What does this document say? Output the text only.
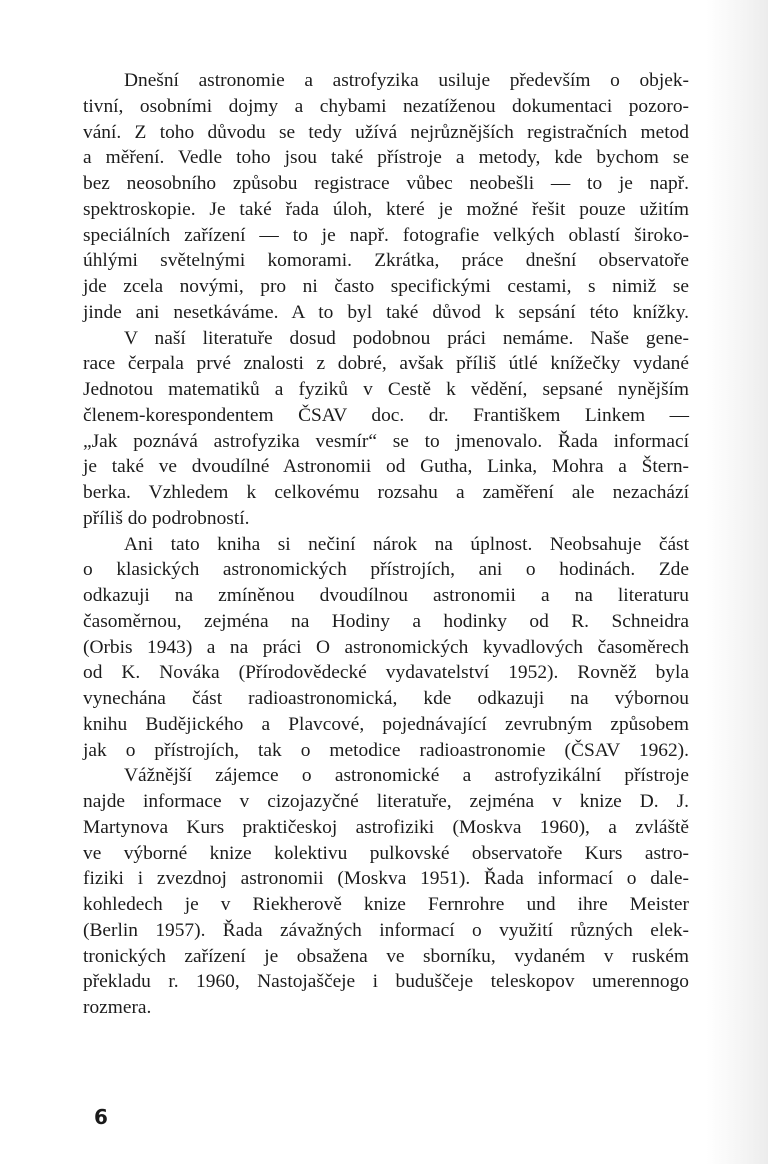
Dnešní astronomie a astrofyzika usiluje především o objek-
tivní, osobními dojmy a chybami nezatíženou dokumentaci pozoro-
vání. Z toho důvodu se tedy užívá nejrůznějších registračních metod
a měření. Vedle toho jsou také přístroje a metody, kde bychom se
bez neosobního způsobu registrace vůbec neobešli — to je např.
spektroskopie. Je také řada úloh, které je možné řešit pouze užitím
speciálních zařízení — to je např. fotografie velkých oblastí široko-
úhlými světelnými komorami. Zkrátka, práce dnešní observatoře
jde zcela novými, pro ni často specifickými cestami, s nimiž se
jinde ani nesetkáváme. A to byl také důvod k sepsání této knížky.
V naší literatuře dosud podobnou práci nemáme. Naše gene-
race čerpala prvé znalosti z dobré, avšak příliš útlé knížečky vydané
Jednotou matematiků a fyziků v Cestě k vědění, sepsané nynějším
členem-korespondentem ČSAV doc. dr. Františkem Linkem —
„Jak poznává astrofyzika vesmír“ se to jmenovalo. Řada informací
je také ve dvoudílné Astronomii od Gutha, Linka, Mohra a Štern-
berka. Vzhledem k celkovému rozsahu a zaměření ale nezachází
příliš do podrobností.
Ani tato kniha si nečiní nárok na úplnost. Neobsahuje část
o klasických astronomických přístrojích, ani o hodinách. Zde
odkazuji na zmíněnou dvoudílnou astronomii a na literaturu
časoměrnou, zejména na Hodiny a hodinky od R. Schneidra
(Orbis 1943) a na práci O astronomických kyvadlových časoměrech
od K. Nováka (Přírodovědecké vydavatelství 1952). Rovněž byla
vynechána část radioastronomická, kde odkazuji na výbornou
knihu Budějického a Plavcové, pojednávající zevrubným způsobem
jak o přístrojích, tak o metodice radioastronomie (ČSAV 1962).
Vážnější zájemce o astronomické a astrofyzikální přístroje
najde informace v cizojazyčné literatuře, zejména v knize D. J.
Martynova Kurs praktičeskoj astrofiziki (Moskva 1960), a zvláště
ve výborné knize kolektivu pulkovské observatoře Kurs astro-
fiziki i zvezdnoj astronomii (Moskva 1951). Řada informací o dale-
kohledech je v Riekherově knize Fernrohre und ihre Meister
(Berlin 1957). Řada závažných informací o využití různých elek-
tronických zařízení je obsažena ve sborníku, vydaném v ruském
překladu r. 1960, Nastojaščeje i buduščeje teleskopov umerennogo
rozmera.
6
